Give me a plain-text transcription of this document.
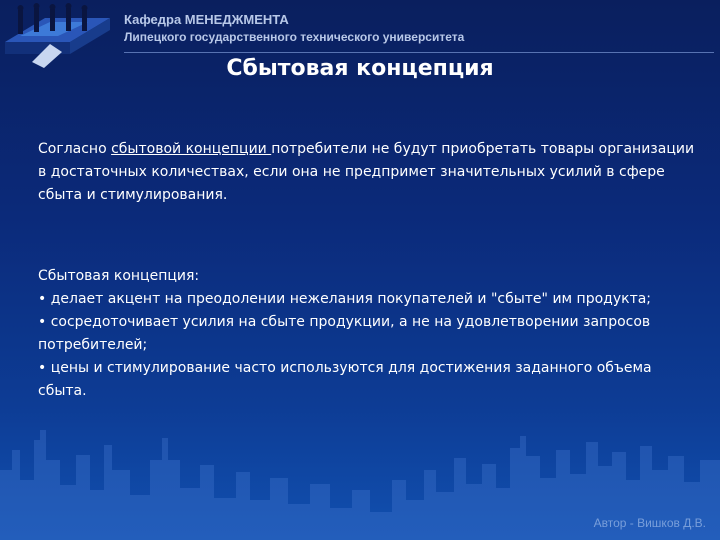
Кафедра МЕНЕДЖМЕНТА
Липецкого государственного технического университета
Сбытовая концепция

Согласно сбытовой концепции потребители не будут приобретать товары организации в достаточных количествах, если она не предпримет значительных усилий в сфере сбыта и стимулирования.

Сбытовая концепция:
• делает акцент на преодолении нежелания покупателей и "сбыте" им продукта;
• сосредоточивает усилия на сбыте продукции, а не на удовлетворении запросов потребителей;
• цены и стимулирование часто используются для достижения заданного объема сбыта.
Автор - Вишков Д.В.
